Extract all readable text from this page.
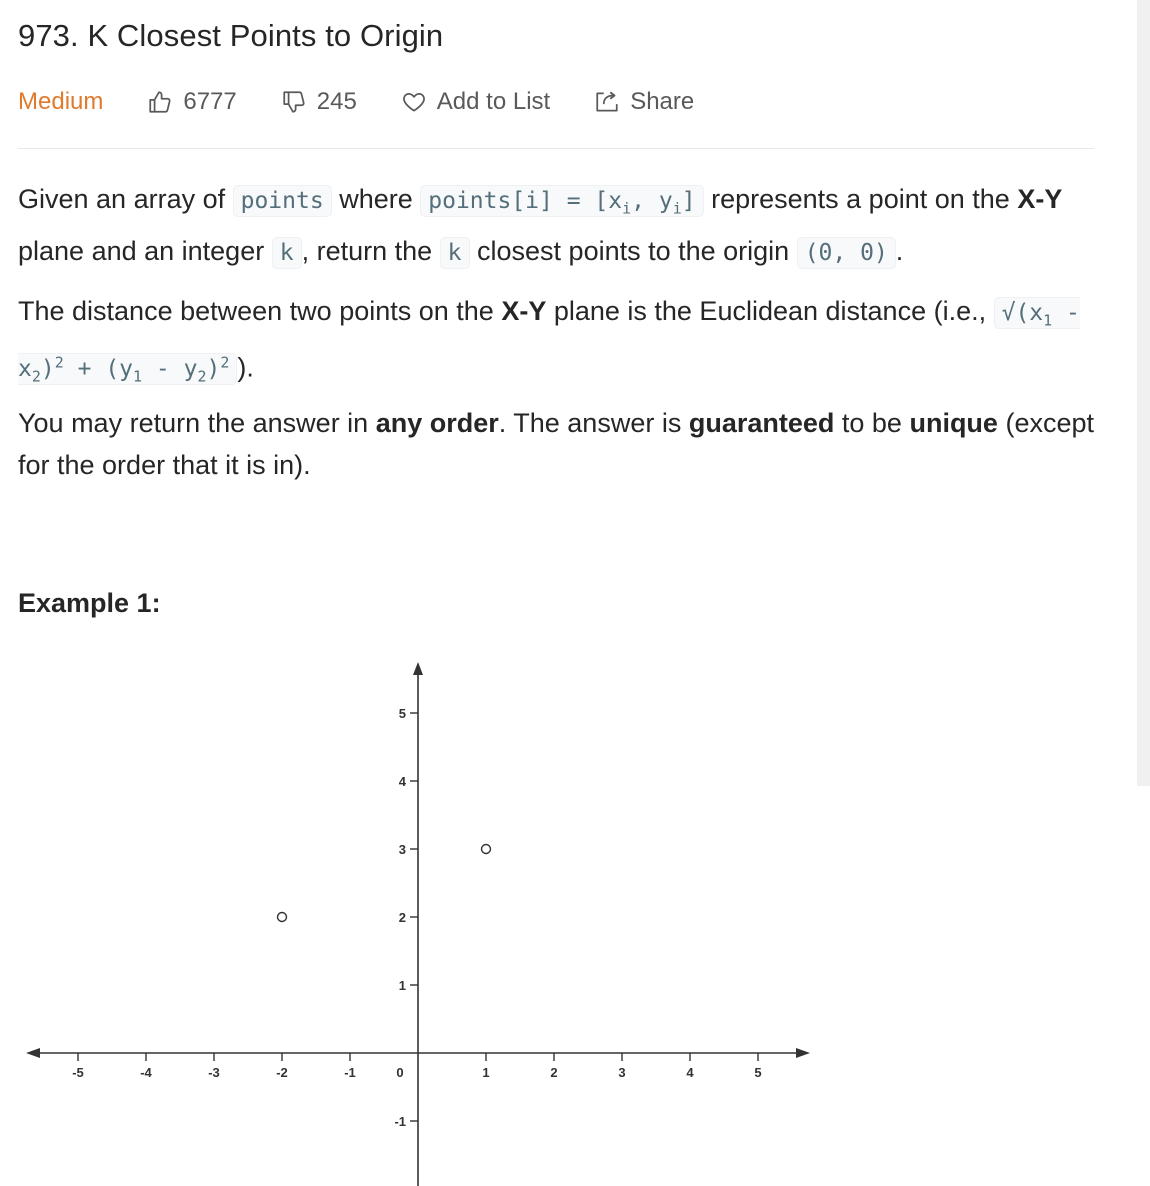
973. K Closest Points to Origin
Medium	6777	245	Add to List	Share
Given an array of points where points[i] = [$x_i$, $y_i$] represents a point on the X-Y plane and an integer k , return the k closest points to the origin (0, 0) .
The distance between two points on the X-Y plane is the Euclidean distance (i.e., $√(x_1 - x_2)^2 + (y_1 - y_2)^2$ ).
You may return the answer in any order. The answer is guaranteed to be unique (except for the order that it is in).
Example 1:
-5	-4	-3	-2	-1	1	2	3	4	5
5
4
3
2
1
-1
0
